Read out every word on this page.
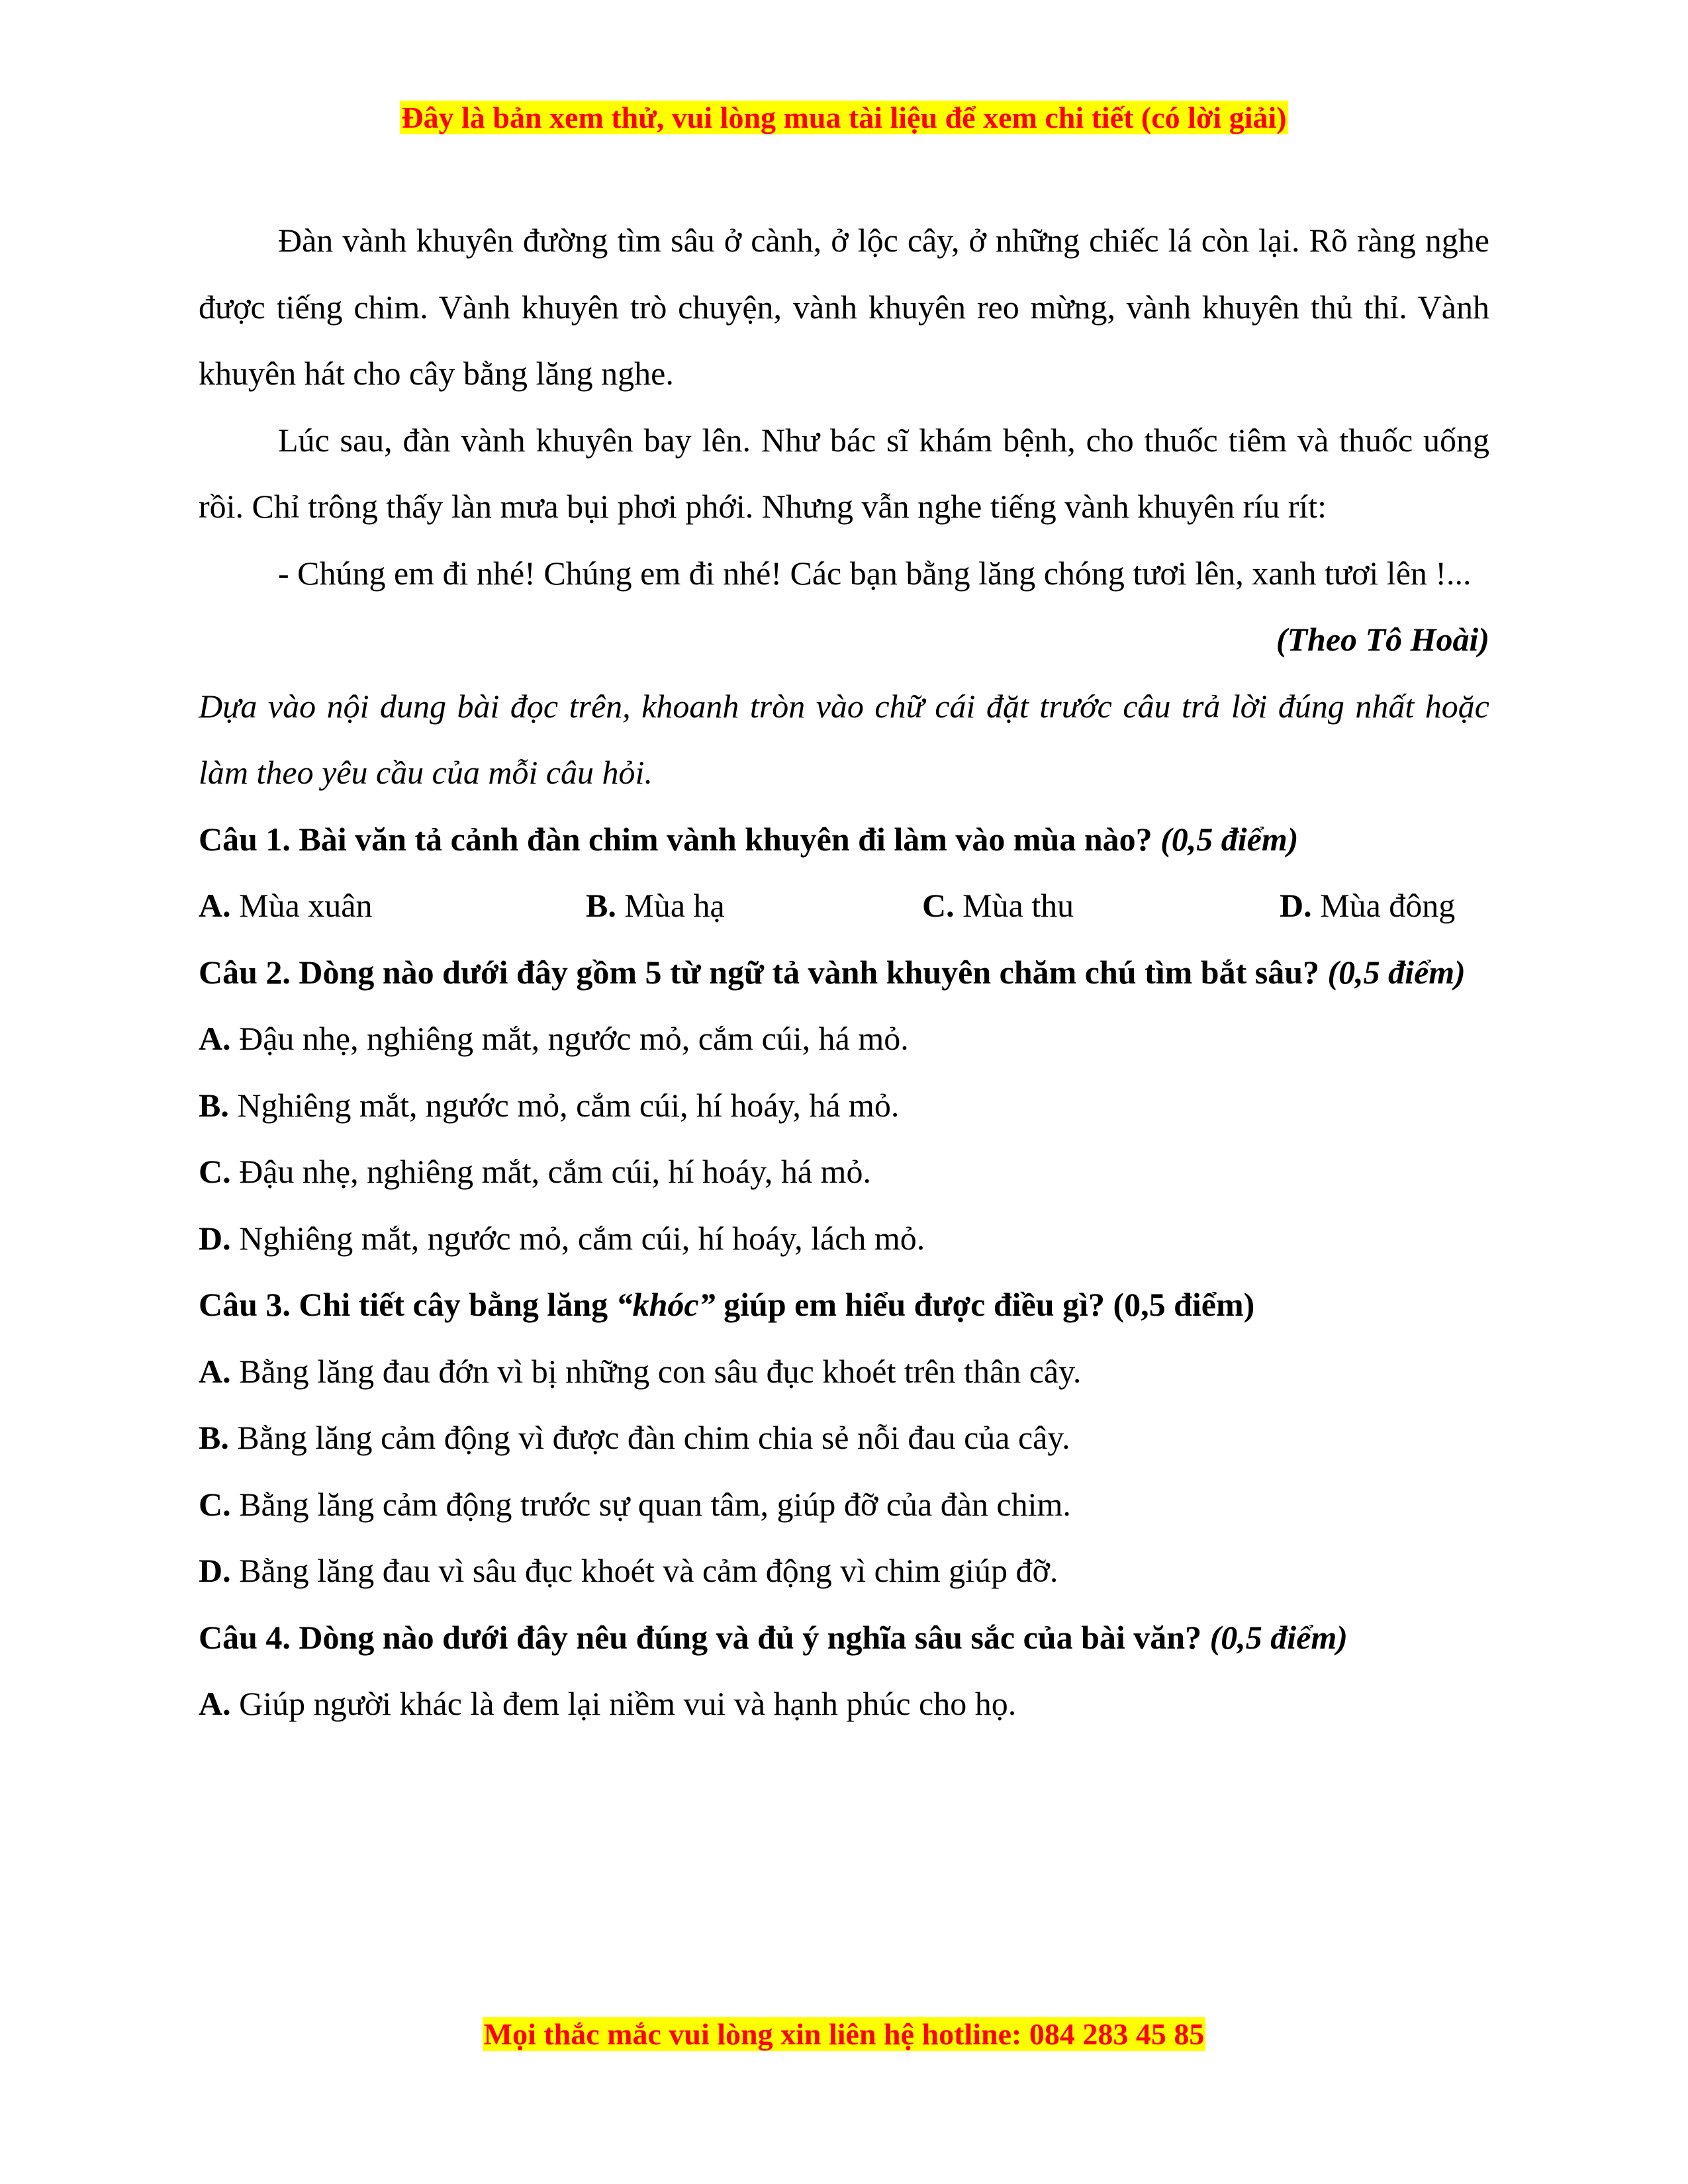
Đây là bản xem thử, vui lòng mua tài liệu để xem chi tiết (có lời giải)

Đàn vành khuyên đường tìm sâu ở cành, ở lộc cây, ở những chiếc lá còn lại. Rõ ràng nghe được tiếng chim. Vành khuyên trò chuyện, vành khuyên reo mừng, vành khuyên thủ thỉ. Vành khuyên hát cho cây bằng lăng nghe.

Lúc sau, đàn vành khuyên bay lên. Như bác sĩ khám bệnh, cho thuốc tiêm và thuốc uống rồi. Chỉ trông thấy làn mưa bụi phơi phới. Nhưng vẫn nghe tiếng vành khuyên ríu rít:

- Chúng em đi nhé! Chúng em đi nhé! Các bạn bằng lăng chóng tươi lên, xanh tươi lên !...

(Theo Tô Hoài)

Dựa vào nội dung bài đọc trên, khoanh tròn vào chữ cái đặt trước câu trả lời đúng nhất hoặc làm theo yêu cầu của mỗi câu hỏi.

Câu 1. Bài văn tả cảnh đàn chim vành khuyên đi làm vào mùa nào? (0,5 điểm)

A. Mùa xuân	B. Mùa hạ	C. Mùa thu	D. Mùa đông

Câu 2. Dòng nào dưới đây gồm 5 từ ngữ tả vành khuyên chăm chú tìm bắt sâu? (0,5 điểm)

A. Đậu nhẹ, nghiêng mắt, ngước mỏ, cắm cúi, há mỏ.

B. Nghiêng mắt, ngước mỏ, cắm cúi, hí hoáy, há mỏ.

C. Đậu nhẹ, nghiêng mắt, cắm cúi, hí hoáy, há mỏ.

D. Nghiêng mắt, ngước mỏ, cắm cúi, hí hoáy, lách mỏ.

Câu 3. Chi tiết cây bằng lăng “khóc” giúp em hiểu được điều gì? (0,5 điểm)

A. Bằng lăng đau đớn vì bị những con sâu đục khoét trên thân cây.

B. Bằng lăng cảm động vì được đàn chim chia sẻ nỗi đau của cây.

C. Bằng lăng cảm động trước sự quan tâm, giúp đỡ của đàn chim.

D. Bằng lăng đau vì sâu đục khoét và cảm động vì chim giúp đỡ.

Câu 4. Dòng nào dưới đây nêu đúng và đủ ý nghĩa sâu sắc của bài văn? (0,5 điểm)

A. Giúp người khác là đem lại niềm vui và hạnh phúc cho họ.

Mọi thắc mắc vui lòng xin liên hệ hotline: 084 283 45 85
